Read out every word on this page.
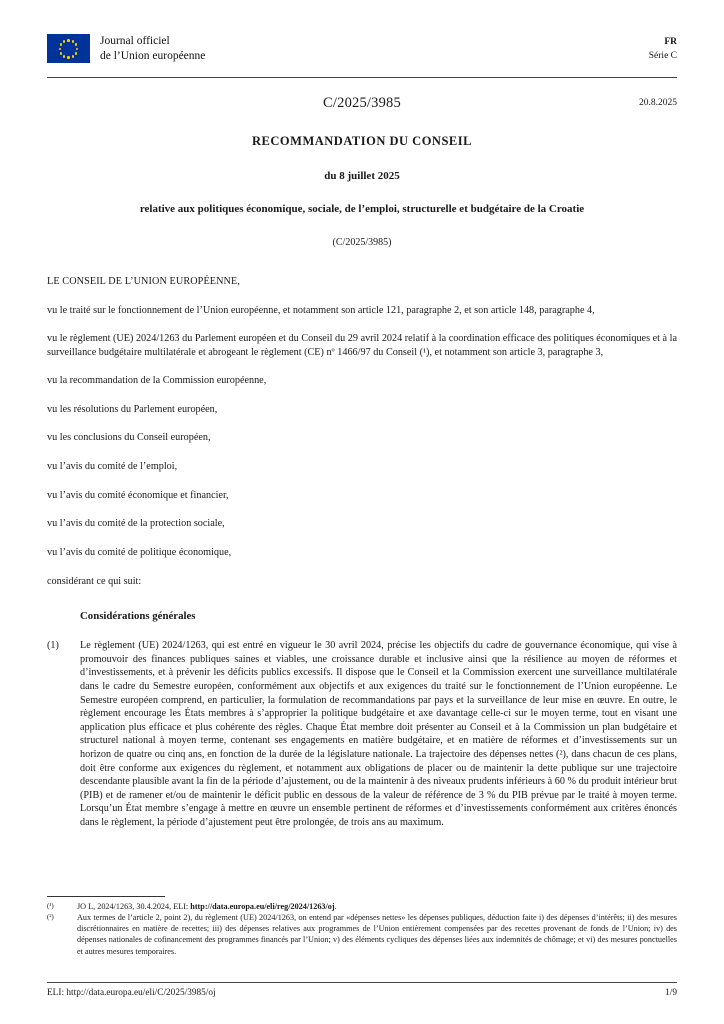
Journal officiel
de l’Union européenne
FR
Série C
C/2025/3985	20.8.2025
RECOMMANDATION DU CONSEIL
du 8 juillet 2025
relative aux politiques économique, sociale, de l’emploi, structurelle et budgétaire de la Croatie
(C/2025/3985)
LE CONSEIL DE L’UNION EUROPÉENNE,
vu le traité sur le fonctionnement de l’Union européenne, et notamment son article 121, paragraphe 2, et son article 148, paragraphe 4,
vu le règlement (UE) 2024/1263 du Parlement européen et du Conseil du 29 avril 2024 relatif à la coordination efficace des politiques économiques et à la surveillance budgétaire multilatérale et abrogeant le règlement (CE) nº 1466/97 du Conseil (¹), et notamment son article 3, paragraphe 3,
vu la recommandation de la Commission européenne,
vu les résolutions du Parlement européen,
vu les conclusions du Conseil européen,
vu l’avis du comité de l’emploi,
vu l’avis du comité économique et financier,
vu l’avis du comité de la protection sociale,
vu l’avis du comité de politique économique,
considérant ce qui suit:
Considérations générales
(1)	Le règlement (UE) 2024/1263, qui est entré en vigueur le 30 avril 2024, précise les objectifs du cadre de gouvernance économique, qui vise à promouvoir des finances publiques saines et viables, une croissance durable et inclusive ainsi que la résilience au moyen de réformes et d’investissements, et à prévenir les déficits publics excessifs. Il dispose que le Conseil et la Commission exercent une surveillance multilatérale dans le cadre du Semestre européen, conformément aux objectifs et aux exigences du traité sur le fonctionnement de l’Union européenne. Le Semestre européen comprend, en particulier, la formulation de recommandations par pays et la surveillance de leur mise en œuvre. En outre, le règlement encourage les États membres à s’approprier la politique budgétaire et axe davantage celle-ci sur le moyen terme, tout en visant une application plus efficace et plus cohérente des règles. Chaque État membre doit présenter au Conseil et à la Commission un plan budgétaire et structurel national à moyen terme, contenant ses engagements en matière budgétaire, et en matière de réformes et d’investissements sur un horizon de quatre ou cinq ans, en fonction de la durée de la législature nationale. La trajectoire des dépenses nettes (²), dans chacun de ces plans, doit être conforme aux exigences du règlement, et notamment aux obligations de placer ou de maintenir la dette publique sur une trajectoire descendante plausible avant la fin de la période d’ajustement, ou de la maintenir à des niveaux prudents inférieurs à 60 % du produit intérieur brut (PIB) et de ramener et/ou de maintenir le déficit public en dessous de la valeur de référence de 3 % du PIB prévue par le traité à moyen terme. Lorsqu’un État membre s’engage à mettre en œuvre un ensemble pertinent de réformes et d’investissements conformément aux critères énoncés dans le règlement, la période d’ajustement peut être prolongée, de trois ans au maximum.
(¹)	JO L, 2024/1263, 30.4.2024, ELI: http://data.europa.eu/eli/reg/2024/1263/oj.
(²)	Aux termes de l’article 2, point 2), du règlement (UE) 2024/1263, on entend par «dépenses nettes» les dépenses publiques, déduction faite i) des dépenses d’intérêts; ii) des mesures discrétionnaires en matière de recettes; iii) des dépenses relatives aux programmes de l’Union entièrement compensées par des recettes provenant de fonds de l’Union; iv) des dépenses nationales de cofinancement des programmes financés par l’Union; v) des éléments cycliques des dépenses liées aux indemnités de chômage; et vi) des mesures ponctuelles et autres mesures temporaires.
ELI: http://data.europa.eu/eli/C/2025/3985/oj	1/9
